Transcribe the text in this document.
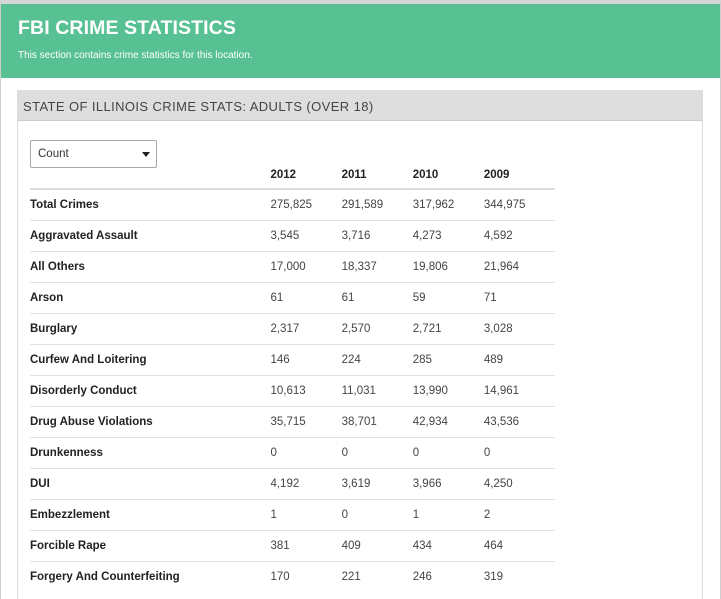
FBI CRIME STATISTICS
This section contains crime statistics for this location.
STATE OF ILLINOIS CRIME STATS: ADULTS (OVER 18)
	2012	2011	2010	2009
Total Crimes	275,825	291,589	317,962	344,975
Aggravated Assault	3,545	3,716	4,273	4,592
All Others	17,000	18,337	19,806	21,964
Arson	61	61	59	71
Burglary	2,317	2,570	2,721	3,028
Curfew And Loitering	146	224	285	489
Disorderly Conduct	10,613	11,031	13,990	14,961
Drug Abuse Violations	35,715	38,701	42,934	43,536
Drunkenness	0	0	0	0
DUI	4,192	3,619	3,966	4,250
Embezzlement	1	0	1	2
Forcible Rape	381	409	434	464
Forgery And Counterfeiting	170	221	246	319
Count
